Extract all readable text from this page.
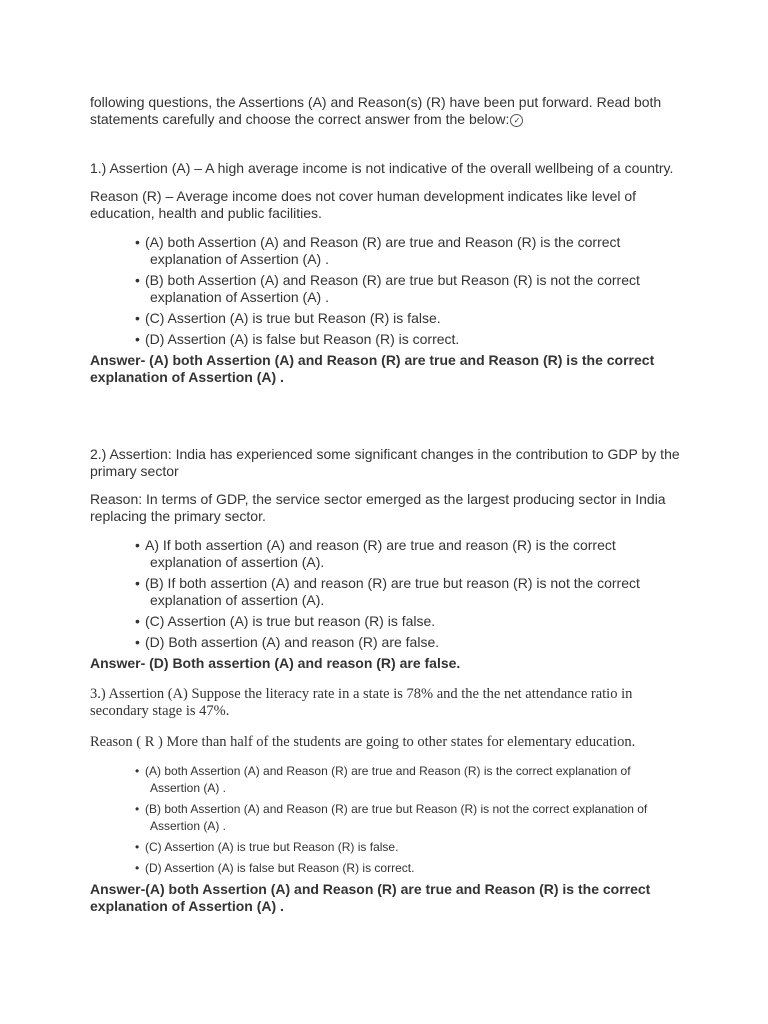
following questions, the Assertions (A) and Reason(s) (R) have been put forward. Read both statements carefully and choose the correct answer from the below: ✓

1.) Assertion (A) – A high average income is not indicative of the overall wellbeing of a country.

Reason (R) – Average income does not cover human development indicates like level of education, health and public facilities.

• (A) both Assertion (A) and Reason (R) are true and Reason (R) is the correct explanation of Assertion (A) .
• (B) both Assertion (A) and Reason (R) are true but Reason (R) is not the correct explanation of Assertion (A) .
• (C) Assertion (A) is true but Reason (R) is false.
• (D) Assertion (A) is false but Reason (R) is correct.

Answer- (A) both Assertion (A) and Reason (R) are true and Reason (R) is the correct explanation of Assertion (A) .

2.) Assertion: India has experienced some significant changes in the contribution to GDP by the primary sector

Reason: In terms of GDP, the service sector emerged as the largest producing sector in India replacing the primary sector.

• A) If both assertion (A) and reason (R) are true and reason (R) is the correct explanation of assertion (A).
• (B) If both assertion (A) and reason (R) are true but reason (R) is not the correct explanation of assertion (A).
• (C) Assertion (A) is true but reason (R) is false.
• (D) Both assertion (A) and reason (R) are false.

Answer- (D) Both assertion (A) and reason (R) are false.

3.) Assertion (A) Suppose the literacy rate in a state is 78% and the the net attendance ratio in secondary stage is 47%.

Reason ( R ) More than half of the students are going to other states for elementary education.

• (A) both Assertion (A) and Reason (R) are true and Reason (R) is the correct explanation of Assertion (A) .
• (B) both Assertion (A) and Reason (R) are true but Reason (R) is not the correct explanation of Assertion (A) .
• (C) Assertion (A) is true but Reason (R) is false.
• (D) Assertion (A) is false but Reason (R) is correct.

Answer-(A) both Assertion (A) and Reason (R) are true and Reason (R) is the correct explanation of Assertion (A) .
